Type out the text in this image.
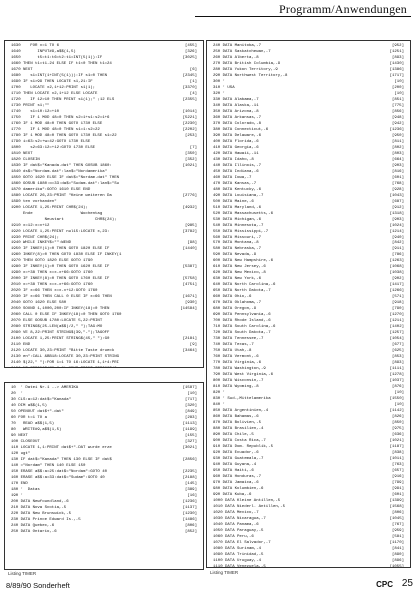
Programm/Anwendungen
1630    FOR x=1 TO 6	[455]
1640       INPUT#9,a$$(1,5)	[326]
1650       t5=t1:t6=t2:t1=INT(5(1)):IF	[3025]
1660 THEN t1=t1-24 ELSE IF t1<0 THEN t1=24
1670 NEXT	[6]
1680    s1=INT(1+INT(5(1))):IF s1=0 THEN	[2345]
1690 IF s1>99 THEN LOCATE s1,21:IF	[1]
1700    LOCATE x2,1+12:PRINT s1(1);	[3370]
1710 THEN LOCATE x2,1+12 ELSE LOCATE	[4]
1720    IF 12>10 THEN PRINT s1(1);" ;12 ELS	[2355]
1730 PRINT s1;""
1740    s1=10:12=+10	[1014]
1750    IF 1 MOD 48=0 THEN s2=1+s1:s2=1+6	[5221]
1760 IF 1 MOD 48=0 THEN GOTO 1730 ELSE	[2230]
1770    IF 1 MOD 48=0 THEN s1=1:s2=22	[2202]
1780 IF 1 MOD 48=0 THEN GOTO 1730 ELSE s1=22	[253]
1790 i=63:s2=+w=42:GOTO 1730 ELSE
1800    s2=63:12=+12:GOTO 1730 ELSE	[7]
1810 NEXT	[350]
1820 CLOSEIN	[352]
1830 IF dat$="Kanada.dat" THEN GOSUB 1860:	[1021]
1840 ds$="Nordam.dat":lan$="Nordamerika"
1850 GOTO 1620 ELSE IF dat$="Nordam.dat" THEN
1860 GOSUB 1880:o=33:da$="Sudam.dat":lan$="Su
1870 damerika":GOTO 1610 ELSE END
1880 LOCATE 26,23:PRINT "Keine weiteren Da	[2776]
1890 ten vorhanden"
1900 LOCATE 1,25:PRINT CHR$(24);	[4932]
Ende                    Wochentag
Neustart             CHR$(24);
1910 x=12:x=x+12	[985]
1920 LOCATE 1,25:PRINT nul15:LOCATE x,23:	[3782]
1930 PRINT CHR$(24);
1940 WHILE INKEY$="":WEND	[98]
1950 IF INKEY(1)=0 THEN GOTO 1820 ELSE IF	[1440]
1960 INKEY(8)=0 THEN GOTO 1830 ELSE IF INKEY(1
1970 THEN GOTO 1820 ELSE GOTO 1790
1980 IF INKEY(1)=0 THEN GOTO 1620 ELSE IF	[5387]
1990 x=+38 THEN x=x-x+66:GOTO 1760
2000 IF INKEY(8)=0 THEN GOTO 1760 ELSE IF	[5758]
2010 x=+38 THEN x=x-x+66:GOTO 1760	[4751]
2020 IF x=66 THEN x=x-x+12:GOTO 1760
2030 IF x=66 THEN CALL 0 ELSE IF x=66 THEN	[1671]
2040 GOTO 1620 ELSE 580	[930]
2050 SOUND 1,1000,200:IF INKEY(18)=0 THEN	[14584]
2060 CALL 0 ELSE IF INKEY(18)=0 THEN GOTO 1760
2070 ELSE GOSUB 1780:LOCATE 5,22:PRINT
2080 STRING$(25-LEN(a$$)/2," ");TAG:MO
2090 VE 8,22:PRINT STRING$(39,"-");TAGOFF
2100 LOCATE 1,25:PRINT STRING$(45," "):G0	[2181]
2110 END	[9]
2120 LOCATE 30,23:PRINT "Bitte Taste drueck	[3464]
2130 en":CALL &BB18:LOCATE 30,23:PRINT STRING
2140 $(22," "):FOR 1=1 TO 16:LOCATE 1,1+4:PRI
10  ' Datei Nr.1 --> AMERIKA	[1587]
20  '	[10]
30 CLS:a=12:dat$="Kanada"	[717]
40 DIM a$$(1,5)	[320]
50 OPENOUT dat$+".dat"	[849]
60 FOR t=1 TO a	[283]
70   READ a$$(1,5)	[1113]
80   WRITE#9,a$$(1,5)	[1199]
90 NEXT	[155]
100 CLOSEOUT	[327]
110 LOCATE 1,1:PRINT dat$+".DAT wurde erze	[3021]
120 ugt"
130 IF dat$="Kanada" THEN 130 ELSE IF dat$	[2856]
140 ="Nordam" THEN 140 ELSE 150
150 ERASE a$$:a=25:dat$="Nordam":GOTO 40	[2235]
160 ERASE a$$:a=33:dat$="Sudam":GOTO 40	[2188]
170 END	[145]
180 '  Datas	[389]
190 '	[16]
200 DATA Newfoundland,-6	[1236]
210 DATA Nova Scotia,-5	[1137]
220 DATA New Brunswick,-5	[1230]
230 DATA Prince Edward Is.,-5	[1486]
240 DATA Quebec,-6	[806]
250 DATA Ontario,-6	[852]
240 DATA Manitoba,-7	[952]
250 DATA Saskatchewan,-7	[1251]
260 DATA Alberta,-8	[893]
270 DATA British Columbia,-9	[1430]
280 DATA Yukon Territory,-9	[1386]
290 DATA Northwest Territory,-8	[1717]
300 '	[10]
310 ' USA	[200]
320 '	[10]
330 DATA Alabama,-7	[851]
340 DATA Alaska,-11	[775]
350 DATA Arizona,-8	[856]
360 DATA Arkansas,-7	[948]
370 DATA Colorado,-8	[942]
380 DATA Connecticut,-6	[1236]
390 DATA Delaware,-6	[950]
400 DATA Florida,-6	[811]
410 DATA Georgia,-6	[802]
420 DATA Hawaii,-11	[803]
430 DATA Idaho,-8	[664]
440 DATA Illinois,-7	[903]
450 DATA Indiana,-6	[816]
460 DATA Iowa,-7	[601]
470 DATA Kansas,-7	[768]
480 DATA Kentucky,-6	[928]
490 DATA Louisiana,-7	[1043]
500 DATA Maine,-6	[687]
510 DATA Maryland,-6	[912]
520 DATA Massachusetts,-6	[1318]
530 DATA Michigan,-6	[903]
540 DATA Minnesota,-7	[1024]
550 DATA Mississippi,-7	[1214]
560 DATA Missouri,-7	[940]
570 DATA Montana,-8	[842]
580 DATA Nebraska,-7	[911]
590 DATA Nevada,-9	[786]
600 DATA New Hampshire,-6	[1263]
610 DATA New Jersey,-6	[1068]
620 DATA New Mexico,-8	[1038]
630 DATA New York,-6	[902]
640 DATA North Carolina,-6	[1417]
650 DATA North Dakota,-7	[1266]
660 DATA Ohio,-6	[571]
670 DATA Oklahoma,-7	[918]
680 DATA Oregon,-9	[790]
690 DATA Pennsylvania,-6	[1270]
700 DATA Rhode Island,-6	[1211]
710 DATA South Carolina,-6	[1402]
720 DATA South Dakota,-7	[1257]
730 DATA Tennessee,-7	[1054]
740 DATA Texas,-7	[677]
750 DATA Utah,-8	[625]
760 DATA Vermont,-6	[853]
770 DATA Virginia,-6	[893]
780 DATA Washington,-9	[1111]
790 DATA West Virginia,-6	[1278]
800 DATA Wisconsin,-7	[1037]
810 DATA Wyoming,-8	[876]
820 '	[10]
830 ' Sud-,Mittelamerika	[1550]
840 '	[10]
850 DATA Argentinien,-4	[1142]
860 DATA Bahamas,-6	[826]
870 DATA Bolivien,-5	[850]
880 DATA Brasilien,-4	[975]
890 DATA Chile,-5	[636]
900 DATA Costa Rica,-7	[1021]
910 DATA Dom. Republik,-5	[1187]
920 DATA Ecuador,-6	[838]
930 DATA Guatemala,-7	[1011]
940 DATA Guyana,-4	[763]
950 DATA Haiti,-6	[657]
960 DATA Honduras,-7	[916]
970 DATA Jamaica,-6	[799]
980 DATA Kolumbien,-6	[991]
990 DATA Kuba,-6	[601]
1000 DATA Kleine Antillen,-5	[1399]
1010 DATA Niederl. Antillen,-5	[1568]
1020 DATA Mexico,-7	[806]
1030 DATA Nicaragua,-7	[1045]
1040 DATA Panama,-6	[767]
1050 DATA Paraguay,-5	[959]
1060 DATA Peru,-6	[581]
1070 DATA El Salvador,-7	[1170]
1080 DATA Surinam,-4	[841]
1090 DATA Trinidad,-5	[890]
1100 DATA Uruguay,-4	[896]
1110 DATA Venezuela,-5	[1055]
Listing TIMER	Listing TIMER
8/89/90 Sonderheft	CPC 25
